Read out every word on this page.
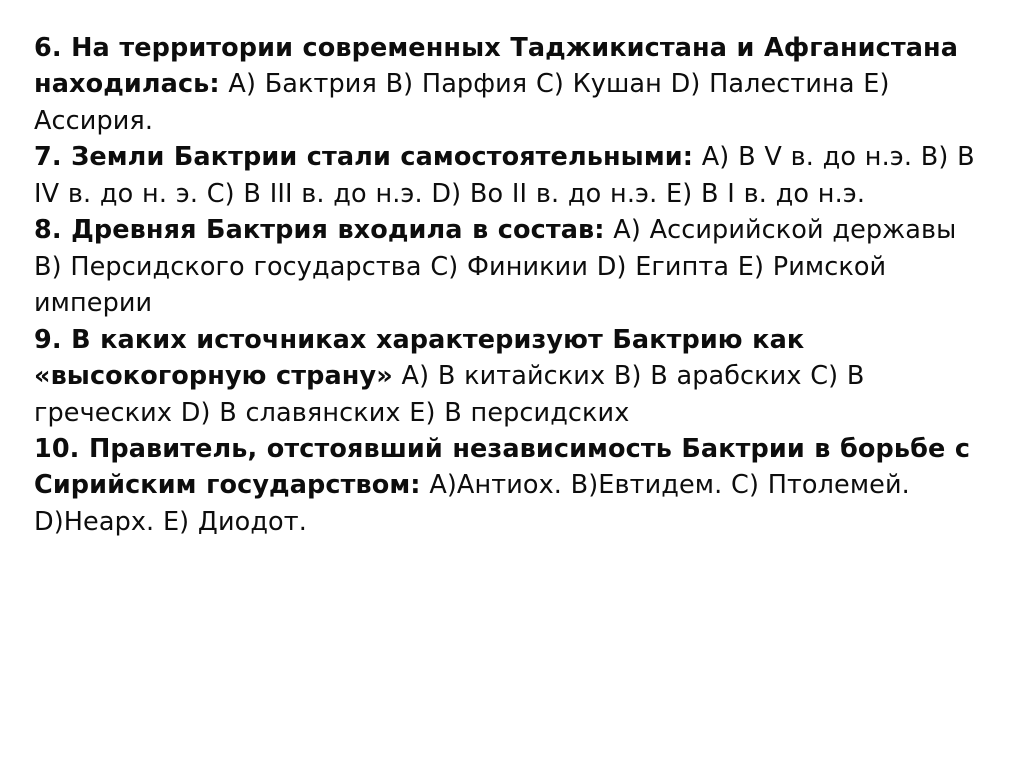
6. На территории современных Таджикистана и Афганистана находилась: А) Бактрия B) Парфия C) Кушан D) Палестина E) Ассирия.

7. Земли Бактрии стали самостоятельными: А) В V в. до н.э. B) В IV в. до н. э. C) В III в. до н.э. D) Во II в. до н.э. E) В I в. до н.э.

8. Древняя Бактрия входила в состав: А) Ассирийской державы B) Персидского государства C) Финикии D) Египта E) Римской империи

9. В каких источниках характеризуют Бактрию как «высокогорную страну» А) В китайских B) В арабских C) В греческих D) В славянских E) В персидских

10. Правитель, отстоявший независимость Бактрии в борьбе с Сирийским государством: А)Антиох. B)Евтидем. C) Птолемей. D)Неарх. E) Диодот.
